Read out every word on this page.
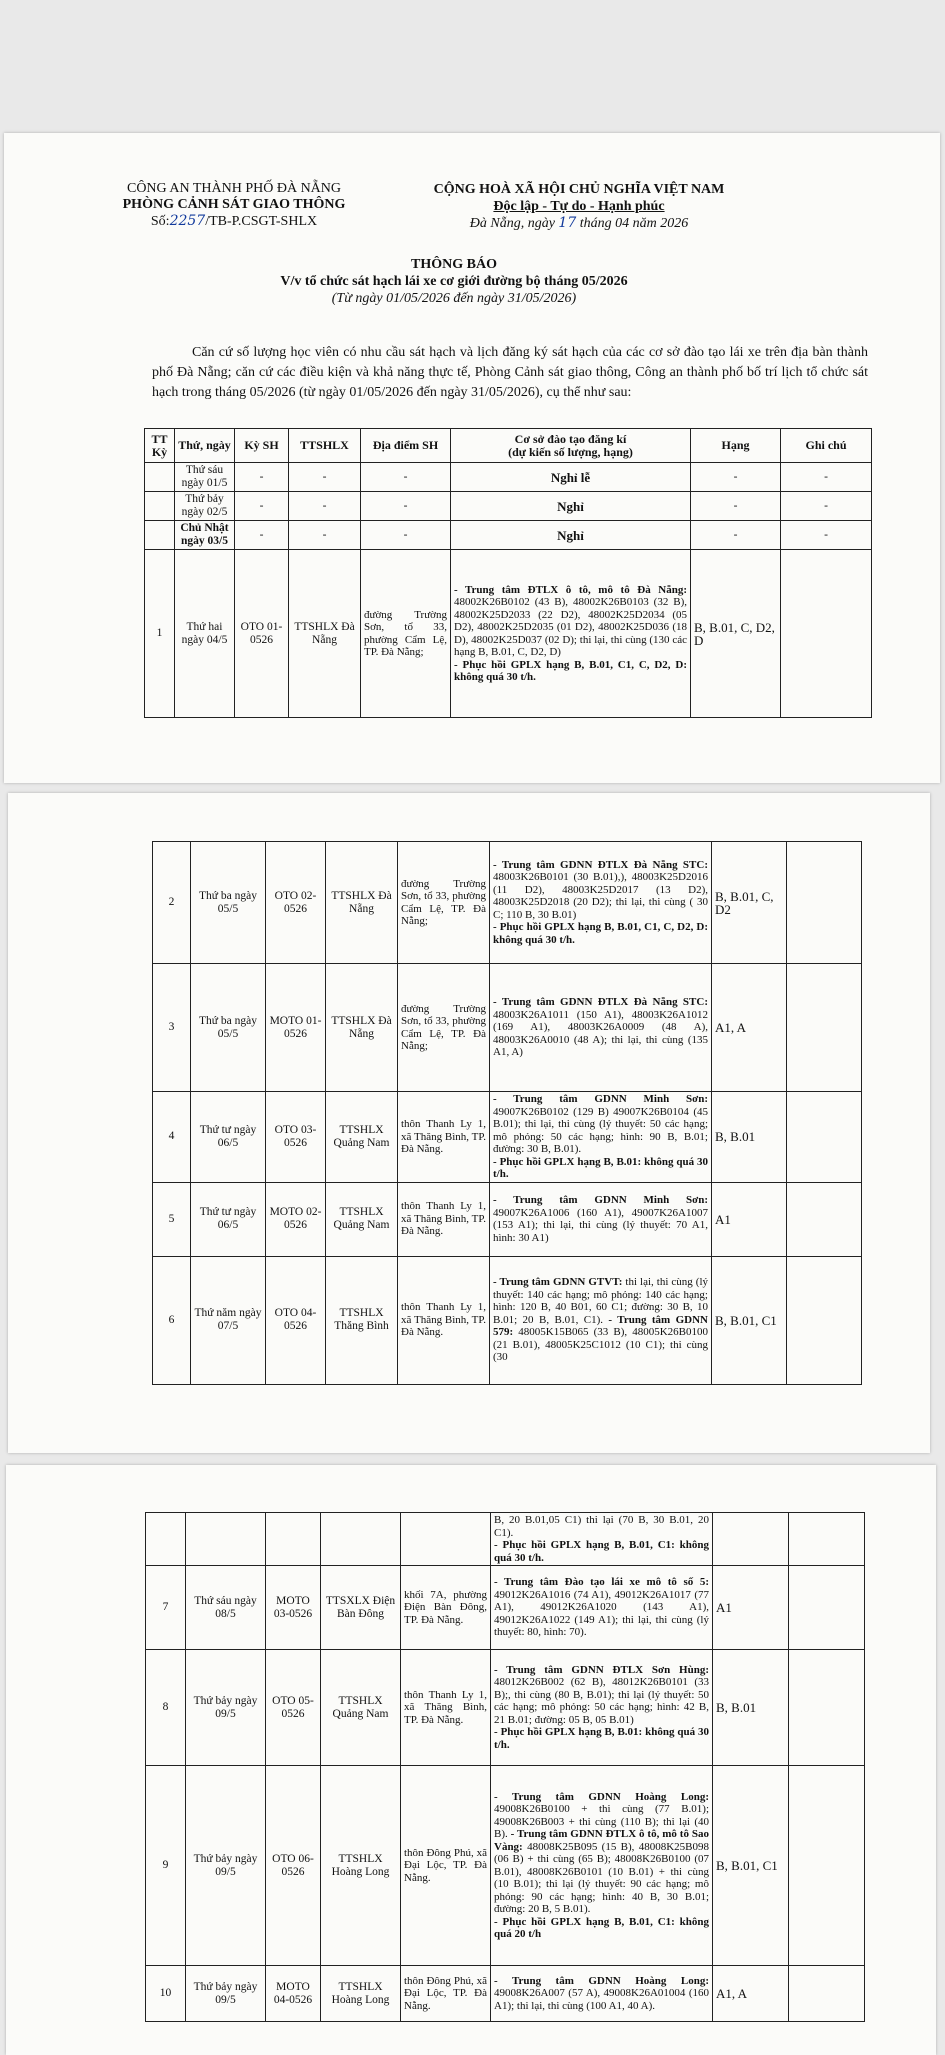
CÔNG AN THÀNH PHỐ ĐÀ NẴNG
PHÒNG CẢNH SÁT GIAO THÔNG
Số:2257/TB-P.CSGT-SHLX
CỘNG HOÀ XÃ HỘI CHỦ NGHĨA VIỆT NAM
Độc lập - Tự do - Hạnh phúc
Đà Nẵng, ngày 17 tháng 04 năm 2026
THÔNG BÁO
V/v tổ chức sát hạch lái xe cơ giới đường bộ tháng 05/2026
(Từ ngày 01/05/2026 đến ngày 31/05/2026)

Căn cứ số lượng học viên có nhu cầu sát hạch và lịch đăng ký sát hạch của các cơ sở đào tạo lái xe trên địa bàn thành phố Đà Nẵng; căn cứ các điều kiện và khả năng thực tế, Phòng Cảnh sát giao thông, Công an thành phố bố trí lịch tổ chức sát hạch trong tháng 05/2026 (từ ngày 01/05/2026 đến ngày 31/05/2026), cụ thể như sau:

TT Kỳ	Thứ, ngày	Kỳ SH	TTSHLX	Địa điểm SH	Cơ sở đào tạo đăng kí
(dự kiến số lượng, hạng)	Hạng	Ghi chú
	Thứ sáu ngày 01/5	-	-	-	Nghỉ lễ	-	-
	Thứ bảy ngày 02/5	-	-	-	Nghỉ	-	-
	Chủ Nhật ngày 03/5	-	-	-	Nghỉ	-	-
1	Thứ hai ngày 04/5	OTO 01-0526	TTSHLX Đà Nẵng	đường Trường Sơn, tổ 33, phường Cẩm Lệ, TP. Đà Nẵng;	- Trung tâm ĐTLX ô tô, mô tô Đà Nẵng: 48002K26B0102 (43 B), 48002K26B0103 (32 B), 48002K25D2033 (22 D2), 48002K25D2034 (05 D2), 48002K25D2035 (01 D2), 48002K25D036 (18 D), 48002K25D037 (02 D); thi lại, thi cùng (130 các hạng B, B.01, C, D2, D)
- Phục hồi GPLX hạng B, B.01, C1, C, D2, D: không quá 30 t/h.	B, B.01, C, D2, D	
2	Thứ ba ngày 05/5	OTO 02-0526	TTSHLX Đà Nẵng	đường Trường Sơn, tổ 33, phường Cẩm Lệ, TP. Đà Nẵng;	- Trung tâm GDNN ĐTLX Đà Nẵng STC: 48003K26B0101 (30 B.01),), 48003K25D2016 (11 D2), 48003K25D2017 (13 D2), 48003K25D2018 (20 D2); thi lại, thi cùng ( 30 C; 110 B, 30 B.01)
- Phục hồi GPLX hạng B, B.01, C1, C, D2, D: không quá 30 t/h.	B, B.01, C, D2	
3	Thứ ba ngày 05/5	MOTO 01-0526	TTSHLX Đà Nẵng	đường Trường Sơn, tổ 33, phường Cẩm Lệ, TP. Đà Nẵng;	- Trung tâm GDNN ĐTLX Đà Nẵng STC: 48003K26A1011 (150 A1), 48003K26A1012 (169 A1), 48003K26A0009 (48 A), 48003K26A0010 (48 A); thi lại, thi cùng (135 A1, A)	A1, A	
4	Thứ tư ngày 06/5	OTO 03-0526	TTSHLX Quảng Nam	thôn Thanh Ly 1, xã Thăng Bình, TP. Đà Nẵng.	- Trung tâm GDNN Minh Sơn: 49007K26B0102 (129 B) 49007K26B0104 (45 B.01); thi lại, thi cùng (lý thuyết: 50 các hạng; mô phỏng: 50 các hạng; hình: 90 B, B.01; đường: 30 B, B.01).
- Phục hồi GPLX hạng B, B.01: không quá 30 t/h.	B, B.01	
5	Thứ tư ngày 06/5	MOTO 02-0526	TTSHLX Quảng Nam	thôn Thanh Ly 1, xã Thăng Bình, TP. Đà Nẵng.	- Trung tâm GDNN Minh Sơn: 49007K26A1006 (160 A1), 49007K26A1007 (153 A1); thi lại, thi cùng (lý thuyết: 70 A1, hình: 30 A1)	A1	
6	Thứ năm ngày 07/5	OTO 04-0526	TTSHLX Thăng Bình	thôn Thanh Ly 1, xã Thăng Bình, TP. Đà Nẵng.	- Trung tâm GDNN GTVT: thi lại, thi cùng (lý thuyết: 140 các hạng; mô phỏng: 140 các hạng; hình: 120 B, 40 B01, 60 C1; đường: 30 B, 10 B.01; 20 B, B.01, C1). - Trung tâm GDNN 579: 48005K15B065 (33 B), 48005K26B0100 (21 B.01), 48005K25C1012 (10 C1); thi cùng (30	B, B.01, C1	
					B, 20 B.01,05 C1) thi lại (70 B, 30 B.01, 20 C1).
- Phục hồi GPLX hạng B, B.01, C1: không quá 30 t/h.		

7	Thứ sáu ngày 08/5	MOTO 03-0526	TTSXLX Điện Bàn Đông	khối 7A, phường Điện Bàn Đông, TP. Đà Nẵng.	- Trung tâm Đào tạo lái xe mô tô số 5: 49012K26A1016 (74 A1), 49012K26A1017 (77 A1), 49012K26A1020 (143 A1), 49012K26A1022 (149 A1); thi lại, thi cùng (lý thuyết: 80, hình: 70).	A1	
8	Thứ bảy ngày 09/5	OTO 05-0526	TTSHLX Quảng Nam	thôn Thanh Ly 1, xã Thăng Bình, TP. Đà Nẵng.	- Trung tâm GDNN ĐTLX Sơn Hùng: 48012K26B002 (62 B), 48012K26B0101 (33 B);, thi cùng (80 B, B.01); thi lại (lý thuyết: 50 các hạng; mô phỏng: 50 các hạng; hình: 42 B, 21 B.01; đường: 05 B, 05 B.01)
- Phục hồi GPLX hạng B, B.01: không quá 30 t/h.	B, B.01	
9	Thứ bảy ngày 09/5	OTO 06-0526	TTSHLX Hoàng Long	thôn Đông Phú, xã Đại Lộc, TP. Đà Nẵng.	- Trung tâm GDNN Hoàng Long: 49008K26B0100 + thi cùng (77 B.01); 49008K26B003 + thi cùng (110 B); thi lại (40 B). - Trung tâm GDNN ĐTLX ô tô, mô tô Sao Vàng: 48008K25B095 (15 B), 48008K25B098 (06 B) + thi cùng (65 B); 48008K26B0100 (07 B.01), 48008K26B0101 (10 B.01) + thi cùng (10 B.01); thi lại (lý thuyết: 90 các hạng; mô phỏng: 90 các hạng; hình: 40 B, 30 B.01; đường: 20 B, 5 B.01).
- Phục hồi GPLX hạng B, B.01, C1: không quá 20 t/h	B, B.01, C1	
10	Thứ bảy ngày 09/5	MOTO 04-0526	TTSHLX Hoàng Long	thôn Đông Phú, xã Đại Lộc, TP. Đà Nẵng.	- Trung tâm GDNN Hoàng Long: 49008K26A007 (57 A), 49008K26A01004 (160 A1); thi lại, thi cùng (100 A1, 40 A).	A1, A	
